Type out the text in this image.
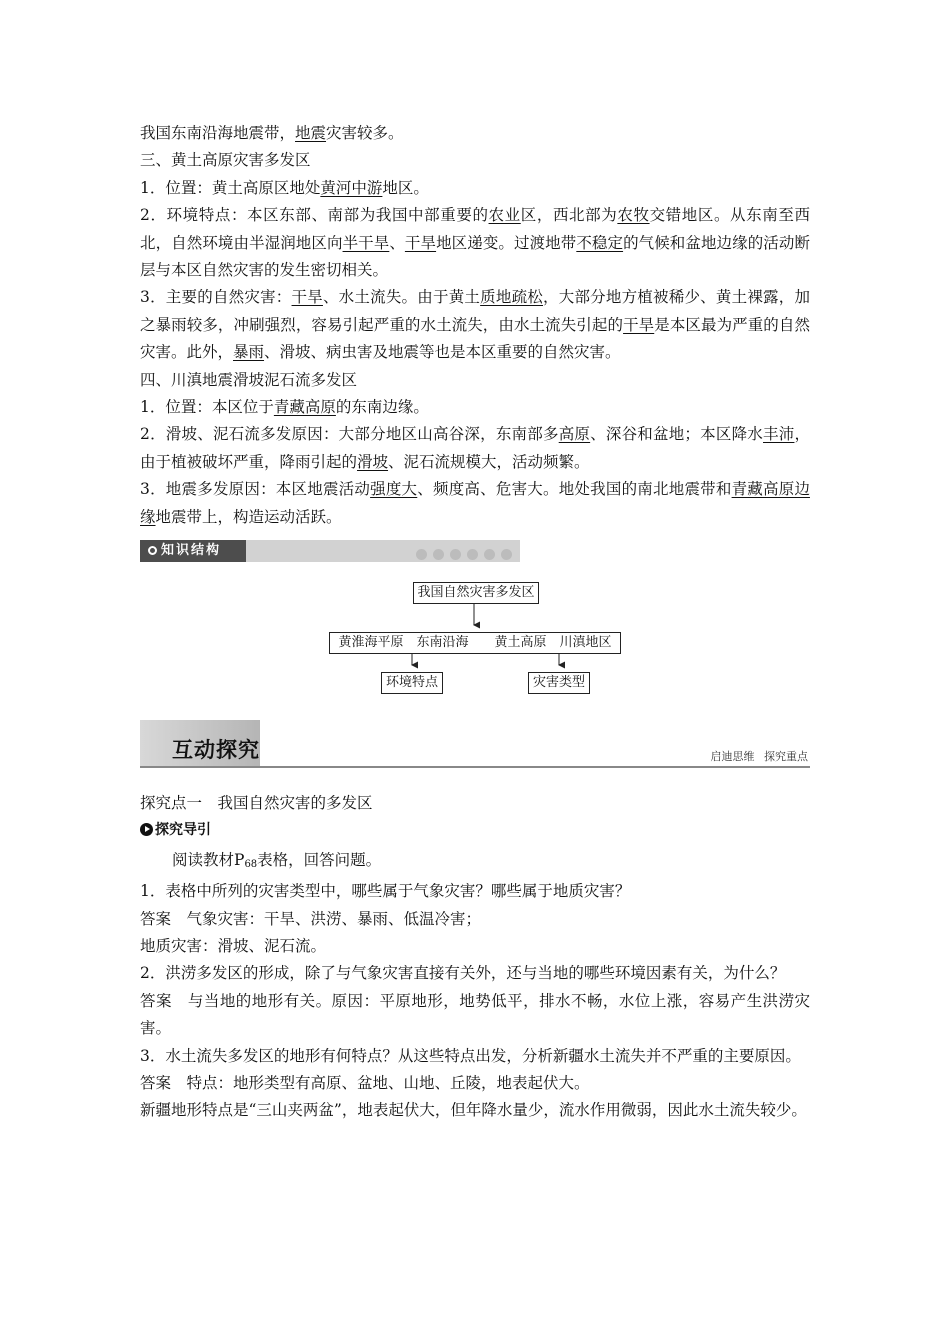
我国东南沿海地震带，地震灾害较多。

三、黄土高原灾害多发区

1．位置：黄土高原区地处黄河中游地区。

2．环境特点：本区东部、南部为我国中部重要的农业区，西北部为农牧交错地区。从东南至西北，自然环境由半湿润地区向半干旱、干旱地区递变。过渡地带不稳定的气候和盆地边缘的活动断层与本区自然灾害的发生密切相关。

3．主要的自然灾害：干旱、水土流失。由于黄土质地疏松，大部分地方植被稀少、黄土裸露，加之暴雨较多，冲刷强烈，容易引起严重的水土流失，由水土流失引起的干旱是本区最为严重的自然灾害。此外，暴雨、滑坡、病虫害及地震等也是本区重要的自然灾害。

四、川滇地震滑坡泥石流多发区

1．位置：本区位于青藏高原的东南边缘。

2．滑坡、泥石流多发原因：大部分地区山高谷深，东南部多高原、深谷和盆地；本区降水丰沛，由于植被破坏严重，降雨引起的滑坡、泥石流规模大，活动频繁。

3．地震多发原因：本区地震活动强度大、频度高、危害大。地处我国的南北地震带和青藏高原边缘地震带上，构造运动活跃。

知识结构
我国自然灾害多发区
黄淮海平原　东南沿海　　黄土高原　川滇地区
环境特点	灾害类型
互动探究	启迪思维 探究重点

探究点一　我国自然灾害的多发区

探究导引

阅读教材$P_{68}$表格，回答问题。

1．表格中所列的灾害类型中，哪些属于气象灾害？哪些属于地质灾害？

答案　气象灾害：干旱、洪涝、暴雨、低温冷害；

地质灾害：滑坡、泥石流。

2．洪涝多发区的形成，除了与气象灾害直接有关外，还与当地的哪些环境因素有关，为什么？

答案　与当地的地形有关。原因：平原地形，地势低平，排水不畅，水位上涨，容易产生洪涝灾害。

3．水土流失多发区的地形有何特点？从这些特点出发，分析新疆水土流失并不严重的主要原因。

答案　特点：地形类型有高原、盆地、山地、丘陵，地表起伏大。

新疆地形特点是“三山夹两盆”，地表起伏大，但年降水量少，流水作用微弱，因此水土流失较少。
